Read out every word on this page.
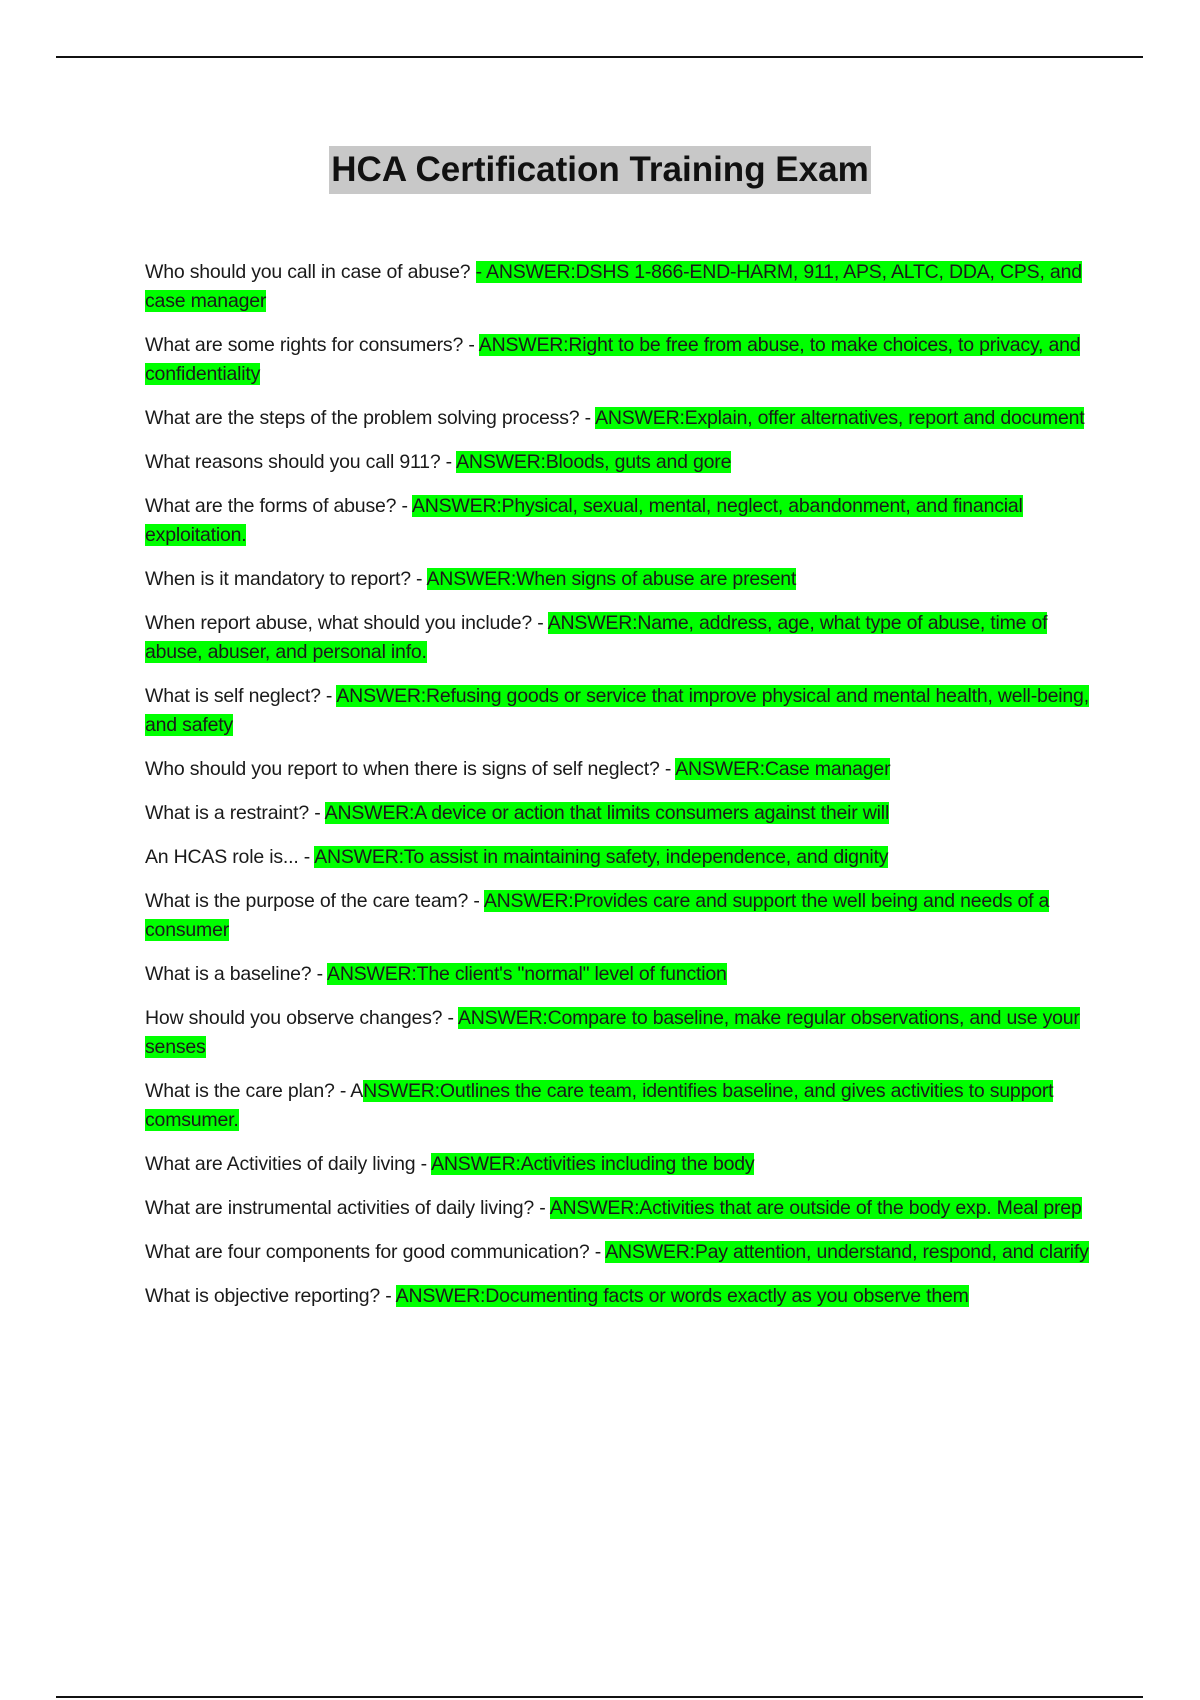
HCA Certification Training Exam

Who should you call in case of abuse? - ANSWER:DSHS 1-866-END-HARM, 911, APS, ALTC, DDA, CPS, and case manager

What are some rights for consumers? - ANSWER:Right to be free from abuse, to make choices, to privacy, and confidentiality

What are the steps of the problem solving process? - ANSWER:Explain, offer alternatives, report and document

What reasons should you call 911? - ANSWER:Bloods, guts and gore

What are the forms of abuse? - ANSWER:Physical, sexual, mental, neglect, abandonment, and financial exploitation.

When is it mandatory to report? - ANSWER:When signs of abuse are present

When report abuse, what should you include? - ANSWER:Name, address, age, what type of abuse, time of abuse, abuser, and personal info.

What is self neglect? - ANSWER:Refusing goods or service that improve physical and mental health, well-being, and safety

Who should you report to when there is signs of self neglect? - ANSWER:Case manager

What is a restraint? - ANSWER:A device or action that limits consumers against their will

An HCAS role is... - ANSWER:To assist in maintaining safety, independence, and dignity

What is the purpose of the care team? - ANSWER:Provides care and support the well being and needs of a consumer

What is a baseline? - ANSWER:The client's "normal" level of function

How should you observe changes? - ANSWER:Compare to baseline, make regular observations, and use your senses

What is the care plan? - ANSWER:Outlines the care team, identifies baseline, and gives activities to support comsumer.

What are Activities of daily living - ANSWER:Activities including the body

What are instrumental activities of daily living? - ANSWER:Activities that are outside of the body exp. Meal prep

What are four components for good communication? - ANSWER:Pay attention, understand, respond, and clarify

What is objective reporting? - ANSWER:Documenting facts or words exactly as you observe them
